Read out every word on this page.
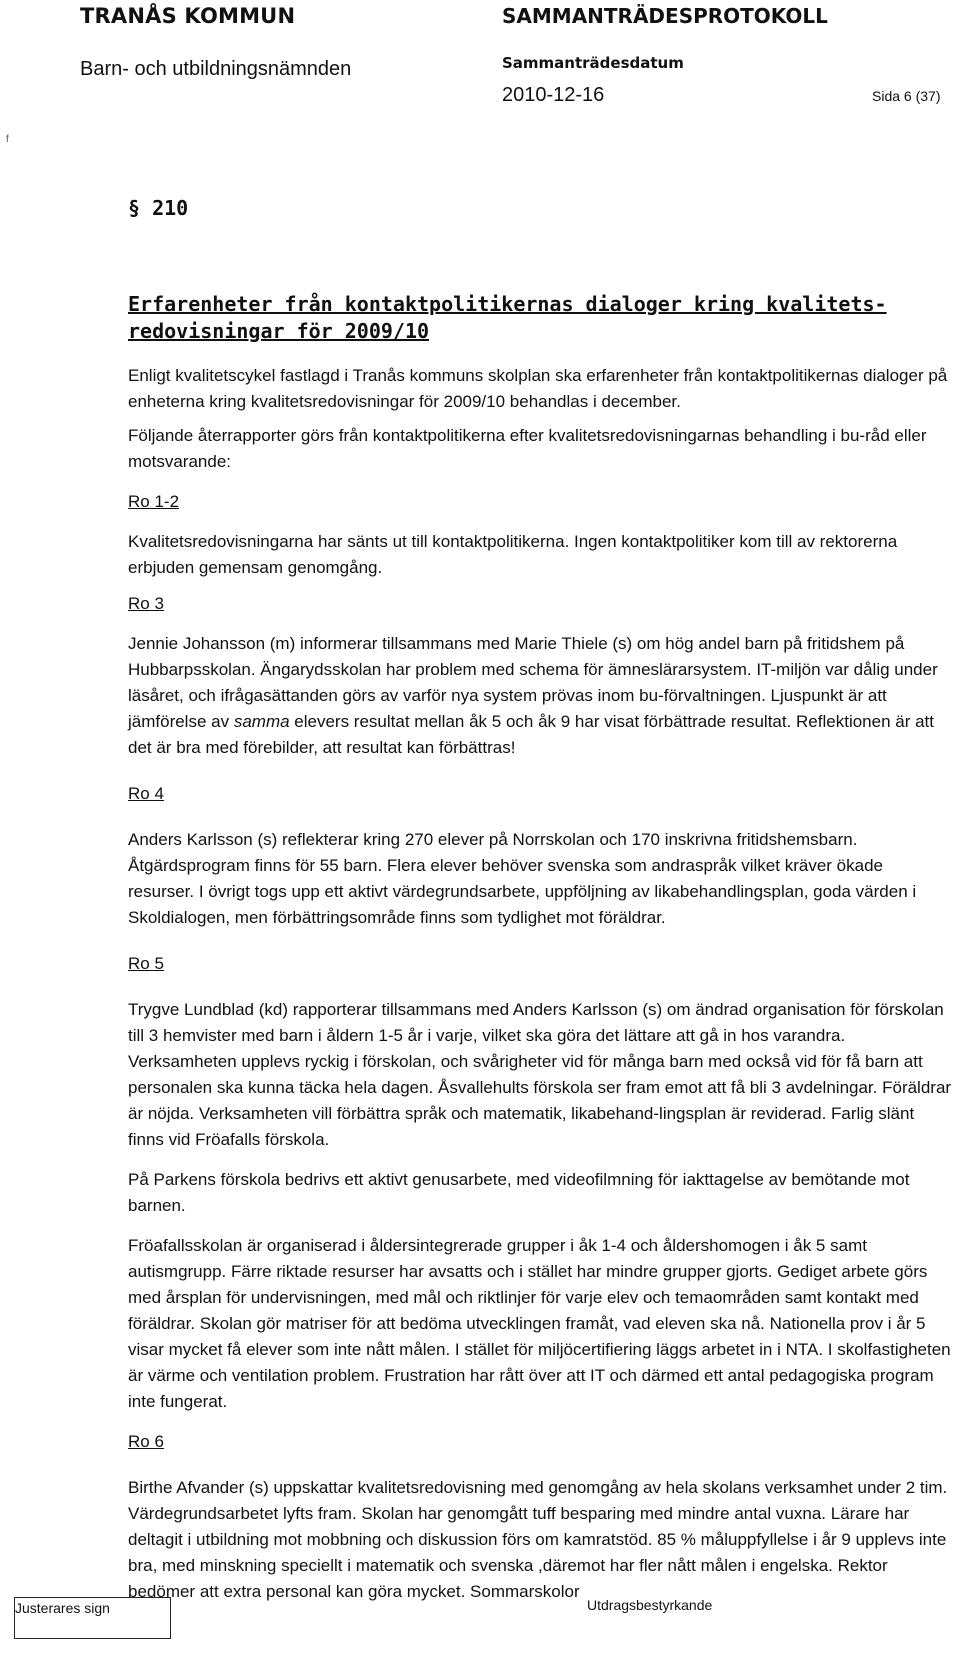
TRANÅS KOMMUN	SAMMANTRÄDESPROTOKOLL
Barn- och utbildningsnämnden	Sammanträdesdatum
2010-12-16	Sida 6 (37)
f
§ 210
Erfarenheter från kontaktpolitikernas dialoger kring kvalitets-redovisningar för 2009/10

Enligt kvalitetscykel fastlagd i Tranås kommuns skolplan ska erfarenheter från kontaktpolitikernas dialoger på enheterna kring kvalitetsredovisningar för 2009/10 behandlas i december.

Följande återrapporter görs från kontaktpolitikerna efter kvalitetsredovisningarnas behandling i bu-råd eller motsvarande:

Ro 1-2

Kvalitetsredovisningarna har sänts ut till kontaktpolitikerna. Ingen kontaktpolitiker kom till av rektorerna erbjuden gemensam genomgång.

Ro 3

Jennie Johansson (m) informerar tillsammans med Marie Thiele (s) om hög andel barn på fritidshem på Hubbarpsskolan. Ängarydsskolan har problem med schema för ämneslärarsystem. IT-miljön var dålig under läsåret, och ifrågasättanden görs av varför nya system prövas inom bu-förvaltningen. Ljuspunkt är att jämförelse av samma elevers resultat mellan åk 5 och åk 9 har visat förbättrade resultat. Reflektionen är att det är bra med förebilder, att resultat kan förbättras!

Ro 4

Anders Karlsson (s) reflekterar kring 270 elever på Norrskolan och 170 inskrivna fritidshemsbarn. Åtgärdsprogram finns för 55 barn. Flera elever behöver svenska som andraspråk vilket kräver ökade resurser. I övrigt togs upp ett aktivt värdegrundsarbete, uppföljning av likabehandlingsplan, goda värden i Skoldialogen, men förbättringsområde finns som tydlighet mot föräldrar.

Ro 5

Trygve Lundblad (kd) rapporterar tillsammans med Anders Karlsson (s) om ändrad organisation för förskolan till 3 hemvister med barn i åldern 1-5 år i varje, vilket ska göra det lättare att gå in hos varandra. Verksamheten upplevs ryckig i förskolan, och svårigheter vid för många barn med också vid för få barn att personalen ska kunna täcka hela dagen. Åsvallehults förskola ser fram emot att få bli 3 avdelningar. Föräldrar är nöjda. Verksamheten vill förbättra språk och matematik, likabehand-lingsplan är reviderad. Farlig slänt finns vid Fröafalls förskola.

På Parkens förskola bedrivs ett aktivt genusarbete, med videofilmning för iakttagelse av bemötande mot barnen.

Fröafallsskolan är organiserad i åldersintegrerade grupper i åk 1-4 och åldershomogen i åk 5 samt autismgrupp. Färre riktade resurser har avsatts och i stället har mindre grupper gjorts. Gediget arbete görs med årsplan för undervisningen, med mål och riktlinjer för varje elev och temaområden samt kontakt med föräldrar. Skolan gör matriser för att bedöma utvecklingen framåt, vad eleven ska nå. Nationella prov i år 5 visar mycket få elever som inte nått målen. I stället för miljöcertifiering läggs arbetet in i NTA. I skolfastigheten är värme och ventilation problem. Frustration har rått över att IT och därmed ett antal pedagogiska program inte fungerat.

Ro 6

Birthe Afvander (s) uppskattar kvalitetsredovisning med genomgång av hela skolans verksamhet under 2 tim. Värdegrundsarbetet lyfts fram. Skolan har genomgått tuff besparing med mindre antal vuxna. Lärare har deltagit i utbildning mot mobbning och diskussion förs om kamratstöd. 85 % måluppfyllelse i år 9 upplevs inte bra, med minskning speciellt i matematik och svenska ,däremot har fler nått målen i engelska. Rektor bedömer att extra personal kan göra mycket. Sommarskolor

Justerares sign	Utdragsbestyrkande
